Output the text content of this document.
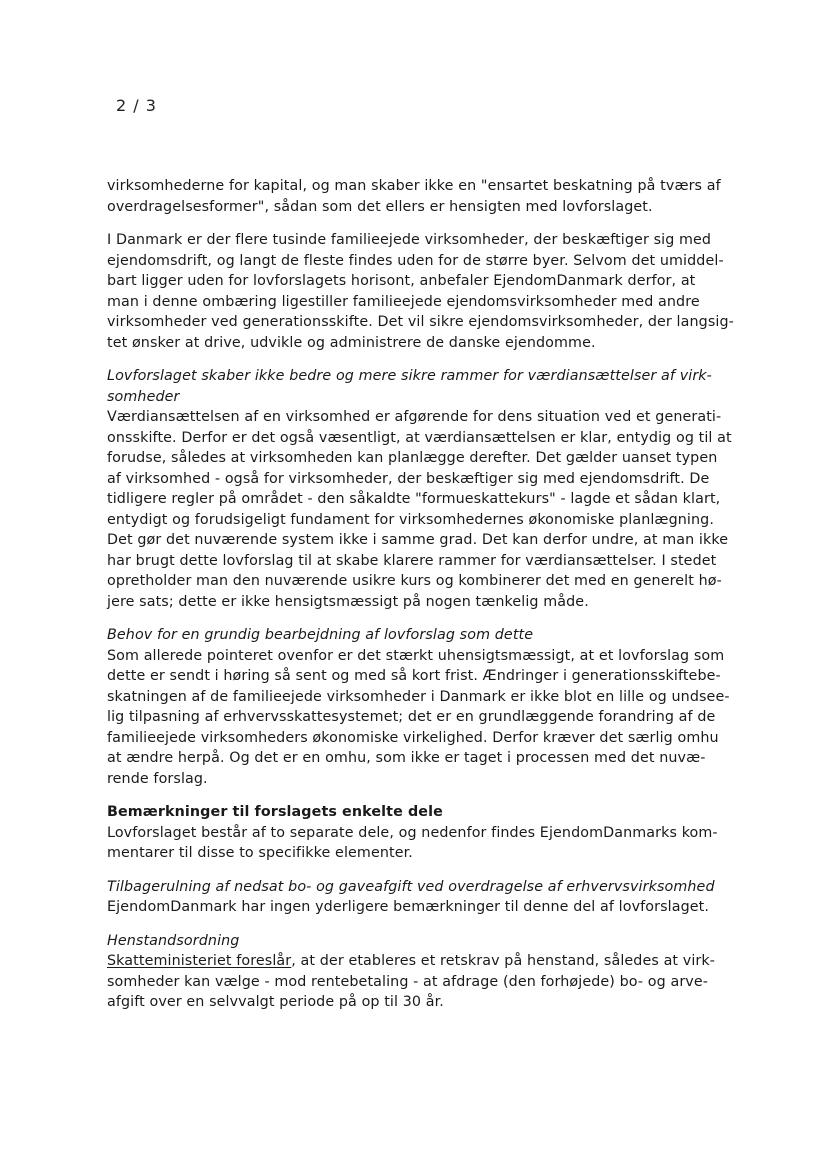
2 / 3
virksomhederne for kapital, og man skaber ikke en "ensartet beskatning på tværs af
overdragelsesformer", sådan som det ellers er hensigten med lovforslaget.
I Danmark er der flere tusinde familieejede virksomheder, der beskæftiger sig med
ejendomsdrift, og langt de fleste findes uden for de større byer. Selvom det umiddel-
bart ligger uden for lovforslagets horisont, anbefaler EjendomDanmark derfor, at
man i denne ombæring ligestiller familieejede ejendomsvirksomheder med andre
virksomheder ved generationsskifte. Det vil sikre ejendomsvirksomheder, der langsig-
tet ønsker at drive, udvikle og administrere de danske ejendomme.
Lovforslaget skaber ikke bedre og mere sikre rammer for værdiansættelser af virk-
somheder
Værdiansættelsen af en virksomhed er afgørende for dens situation ved et generati-
onsskifte. Derfor er det også væsentligt, at værdiansættelsen er klar, entydig og til at
forudse, således at virksomheden kan planlægge derefter. Det gælder uanset typen
af virksomhed - også for virksomheder, der beskæftiger sig med ejendomsdrift. De
tidligere regler på området - den såkaldte "formueskattekurs" - lagde et sådan klart,
entydigt og forudsigeligt fundament for virksomhedernes økonomiske planlægning.
Det gør det nuværende system ikke i samme grad. Det kan derfor undre, at man ikke
har brugt dette lovforslag til at skabe klarere rammer for værdiansættelser. I stedet
opretholder man den nuværende usikre kurs og kombinerer det med en generelt hø-
jere sats; dette er ikke hensigtsmæssigt på nogen tænkelig måde.
Behov for en grundig bearbejdning af lovforslag som dette
Som allerede pointeret ovenfor er det stærkt uhensigtsmæssigt, at et lovforslag som
dette er sendt i høring så sent og med så kort frist. Ændringer i generationsskiftebe-
skatningen af de familieejede virksomheder i Danmark er ikke blot en lille og undsee-
lig tilpasning af erhvervsskattesystemet; det er en grundlæggende forandring af de
familieejede virksomheders økonomiske virkelighed. Derfor kræver det særlig omhu
at ændre herpå. Og det er en omhu, som ikke er taget i processen med det nuvæ-
rende forslag.
Bemærkninger til forslagets enkelte dele
Lovforslaget består af to separate dele, og nedenfor findes EjendomDanmarks kom-
mentarer til disse to specifikke elementer.
Tilbagerulning af nedsat bo- og gaveafgift ved overdragelse af erhvervsvirksomhed
EjendomDanmark har ingen yderligere bemærkninger til denne del af lovforslaget.
Henstandsordning
Skatteministeriet foreslår, at der etableres et retskrav på henstand, således at virk-
somheder kan vælge - mod rentebetaling - at afdrage (den forhøjede) bo- og arve-
afgift over en selvvalgt periode på op til 30 år.
